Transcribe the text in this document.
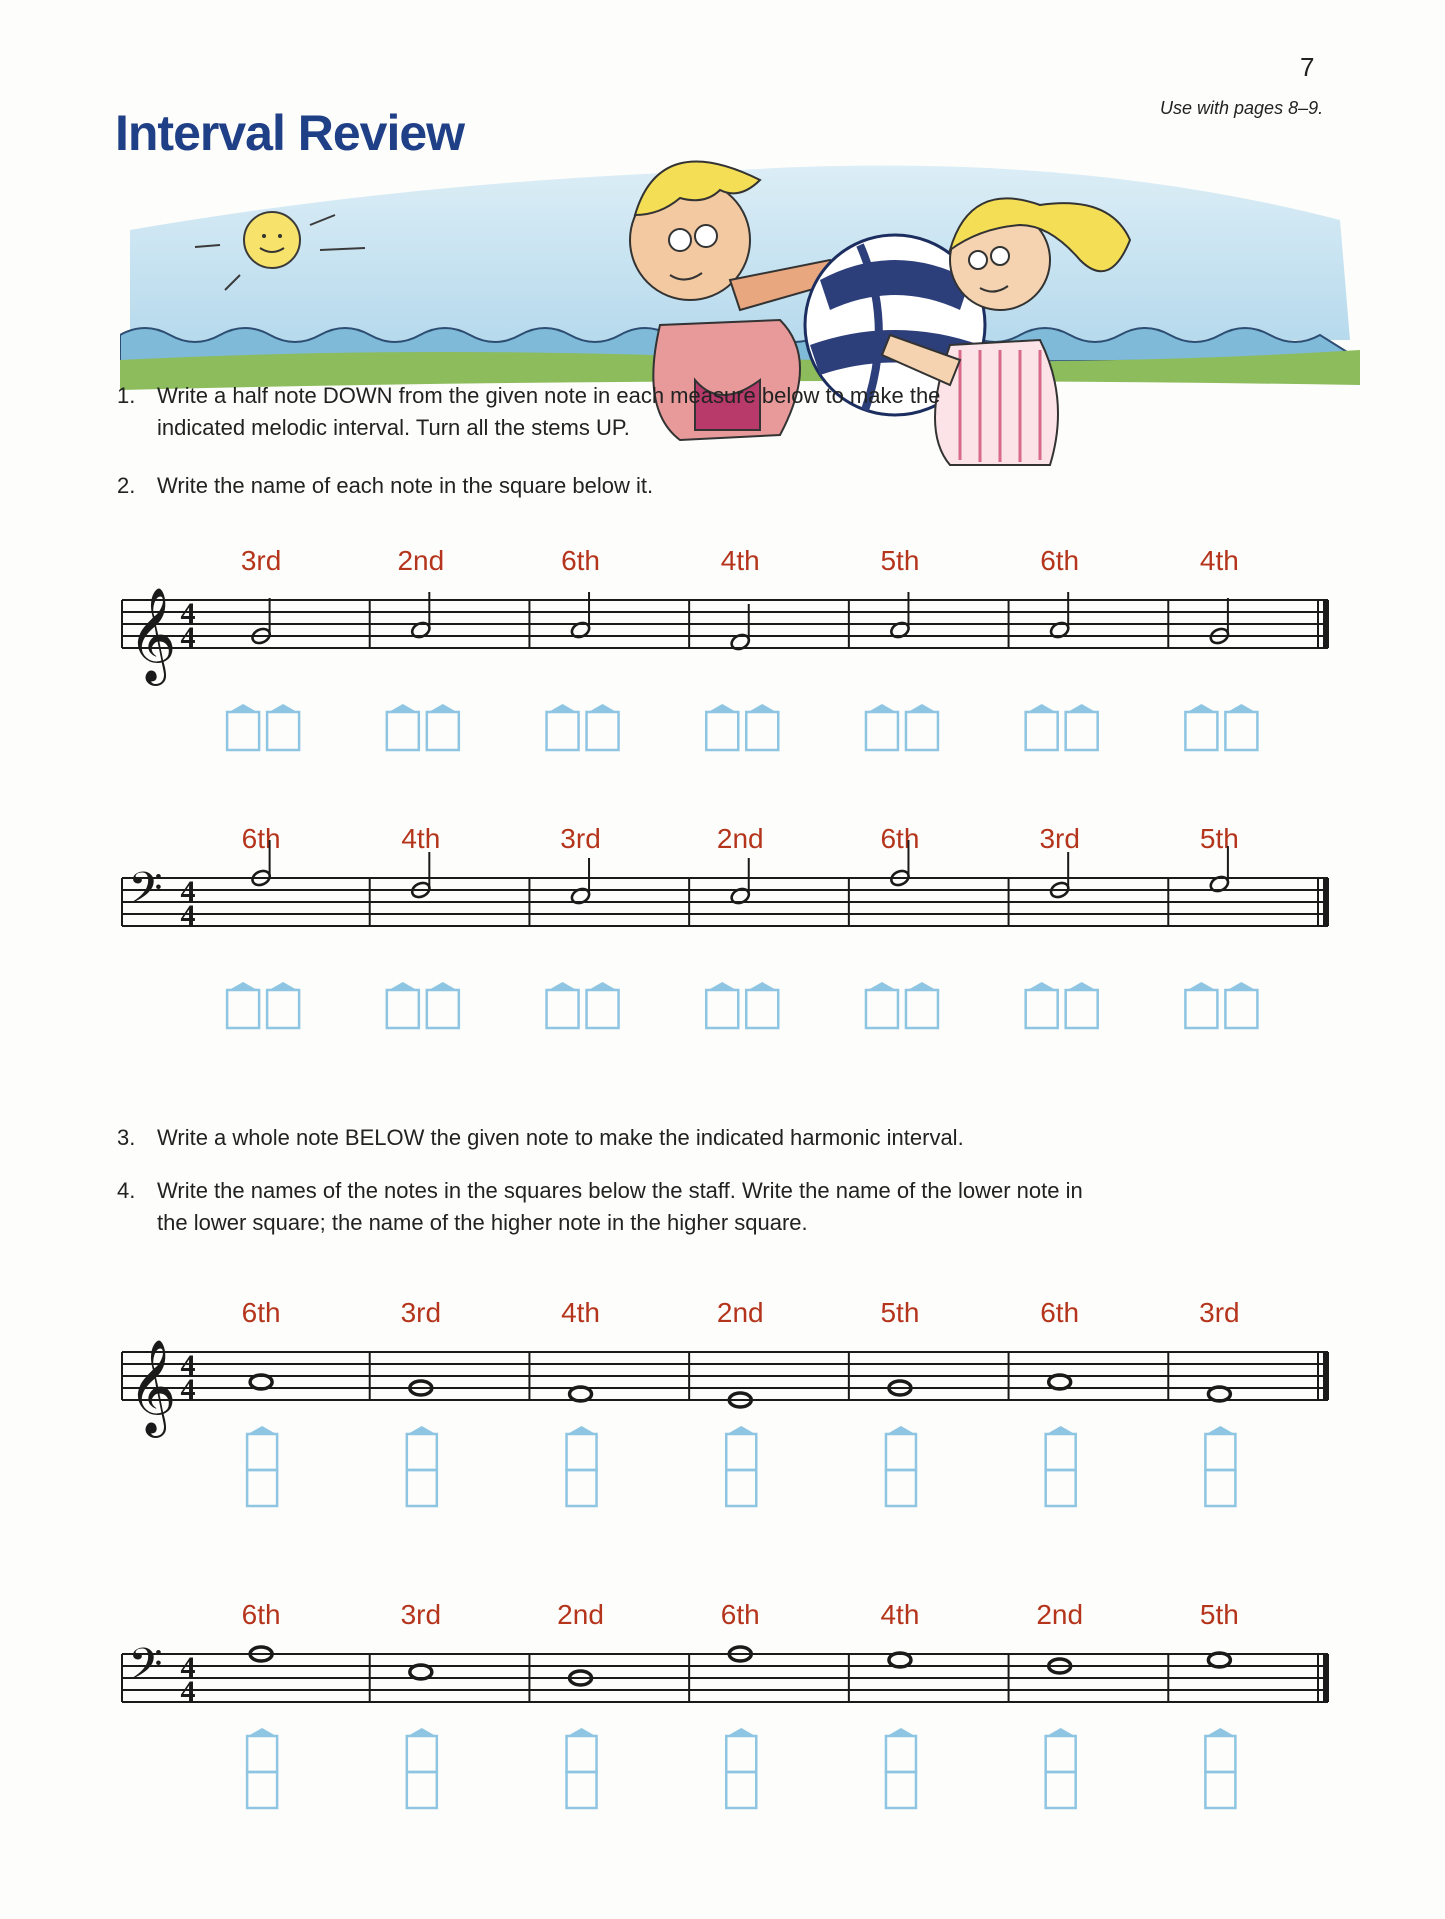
7
Use with pages 8–9.
Interval Review
1. Write a half note DOWN from the given note in each measure below to make the indicated melodic interval. Turn all the stems UP.
2. Write the name of each note in the square below it.
3. Write a whole note BELOW the given note to make the indicated harmonic interval.
4. Write the names of the notes in the squares below the staff. Write the name of the lower note in the lower square; the name of the higher note in the higher square.
𝄞 4
4
3rd	2nd	6th	4th	5th	6th	4th
𝄢 4
4
6th	4th	3rd	2nd	6th	3rd	5th
𝄞 4
4
6th	3rd	4th	2nd	5th	6th	3rd
𝄢 4
4
6th	3rd	2nd	6th	4th	2nd	5th
